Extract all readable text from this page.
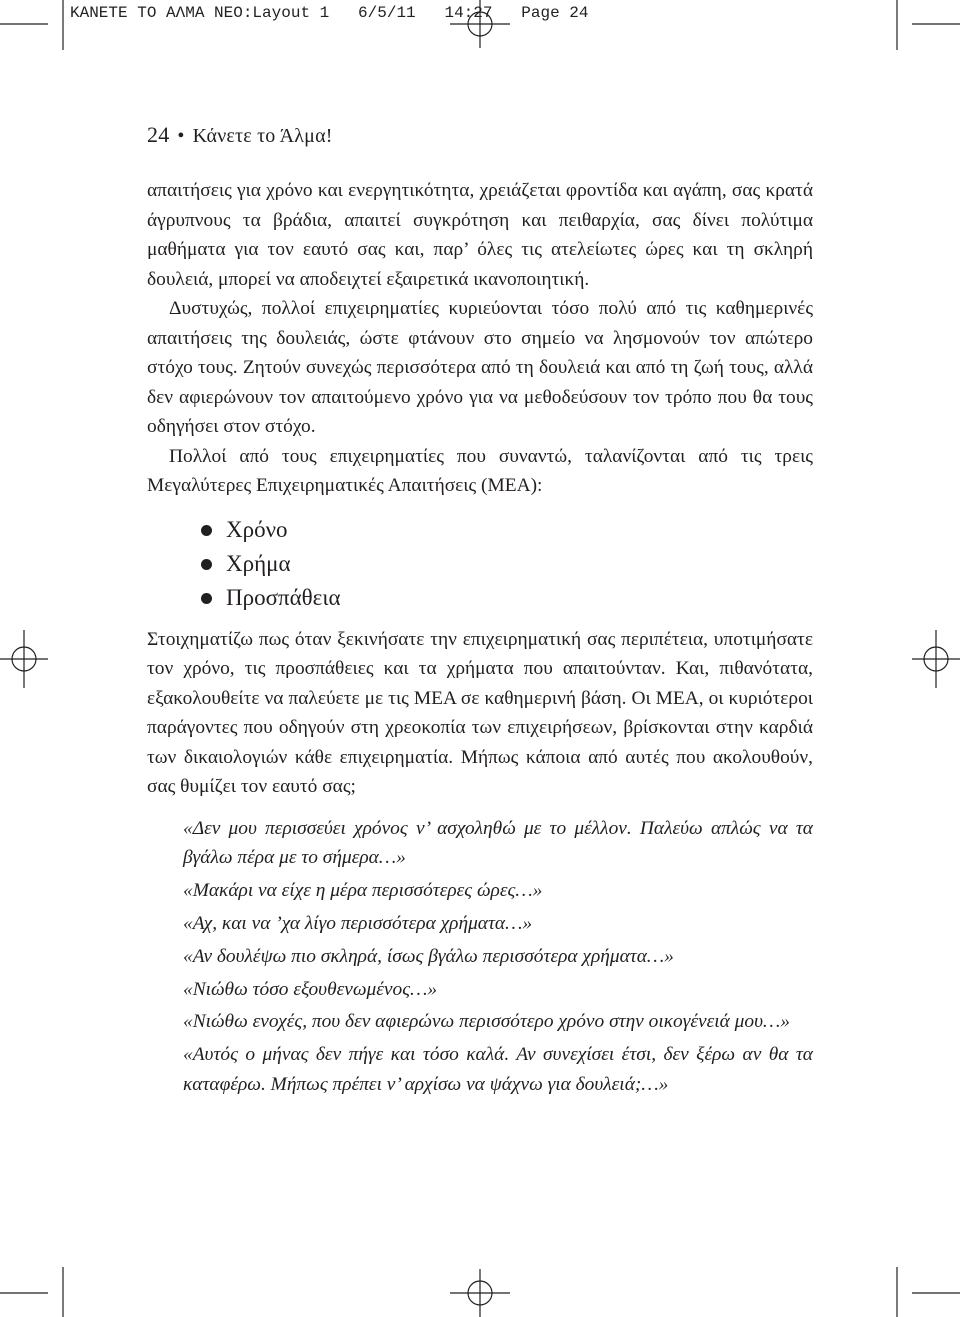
ΚΑΝΕΤΕ ΤΟ ΑΛΜΑ ΝΕΟ:Layout 1   6/5/11   14:27   Page 24
24 • Κάνετε το Άλμα!

απαιτήσεις για χρόνο και ενεργητικότητα, χρειάζεται φροντίδα και αγάπη, σας κρατά άγρυπνους τα βράδια, απαιτεί συγκρότηση και πειθαρχία, σας δίνει πολύτιμα μαθήματα για τον εαυτό σας και, παρ’ όλες τις ατελείωτες ώρες και τη σκληρή δουλειά, μπορεί να αποδειχτεί εξαιρετικά ικανοποιητική.

Δυστυχώς, πολλοί επιχειρηματίες κυριεύονται τόσο πολύ από τις καθημερινές απαιτήσεις της δουλειάς, ώστε φτάνουν στο σημείο να λησμονούν τον απώτερο στόχο τους. Ζητούν συνεχώς περισσότερα από τη δουλειά και από τη ζωή τους, αλλά δεν αφιερώνουν τον απαιτούμενο χρόνο για να μεθοδεύσουν τον τρόπο που θα τους οδηγήσει στον στόχο.

Πολλοί από τους επιχειρηματίες που συναντώ, ταλανίζονται από τις τρεις Μεγαλύτερες Επιχειρηματικές Απαιτήσεις (ΜΕΑ):

Χρόνο
Χρήμα
Προσπάθεια

Στοιχηματίζω πως όταν ξεκινήσατε την επιχειρηματική σας περιπέτεια, υποτιμήσατε τον χρόνο, τις προσπάθειες και τα χρήματα που απαιτούνταν. Και, πιθανότατα, εξακολουθείτε να παλεύετε με τις ΜΕΑ σε καθημερινή βάση. Οι ΜΕΑ, οι κυριότεροι παράγοντες που οδηγούν στη χρεοκοπία των επιχειρήσεων, βρίσκονται στην καρδιά των δικαιολογιών κάθε επιχειρηματία. Μήπως κάποια από αυτές που ακολουθούν, σας θυμίζει τον εαυτό σας;

«Δεν μου περισσεύει χρόνος ν’ ασχοληθώ με το μέλλον. Παλεύω απλώς να τα βγάλω πέρα με το σήμερα…»
«Μακάρι να είχε η μέρα περισσότερες ώρες…»
«Αχ, και να ’χα λίγο περισσότερα χρήματα…»
«Αν δουλέψω πιο σκληρά, ίσως βγάλω περισσότερα χρήματα…»
«Νιώθω τόσο εξουθενωμένος…»
«Νιώθω ενοχές, που δεν αφιερώνω περισσότερο χρόνο στην οικογένειά μου…»
«Αυτός ο μήνας δεν πήγε και τόσο καλά. Αν συνεχίσει έτσι, δεν ξέρω αν θα τα καταφέρω. Μήπως πρέπει ν’ αρχίσω να ψάχνω για δουλειά;…»
